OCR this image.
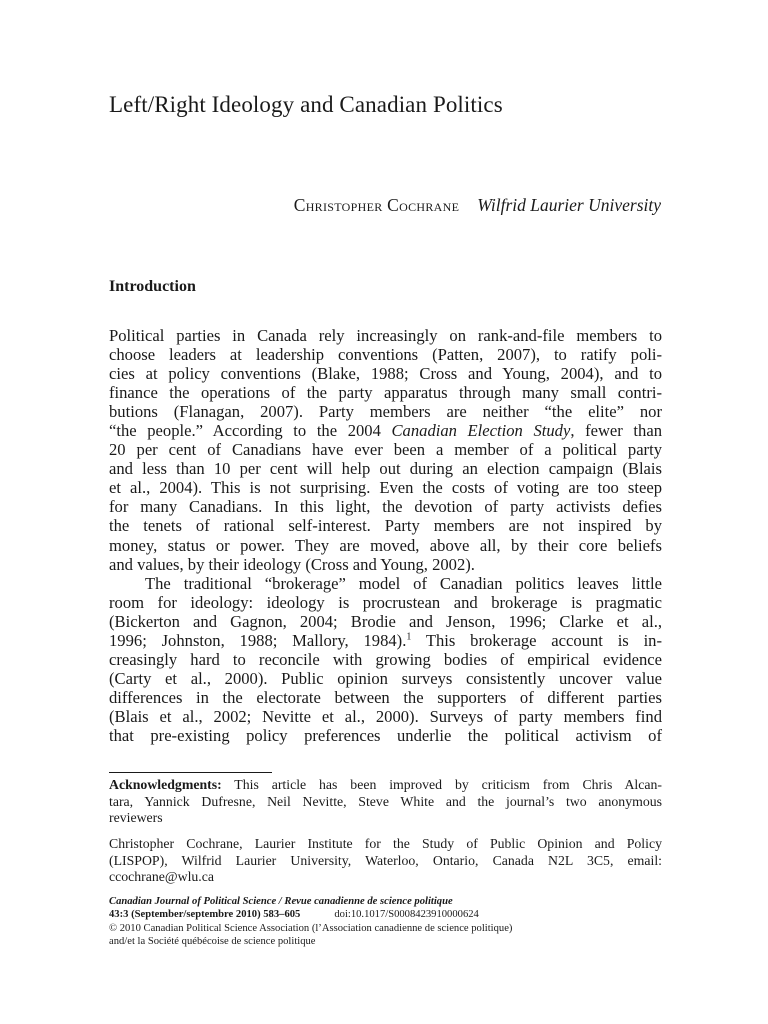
Left/Right Ideology and Canadian Politics
Christopher Cochrane Wilfrid Laurier University
Introduction
Political parties in Canada rely increasingly on rank-and-file members to
choose leaders at leadership conventions (Patten, 2007), to ratify poli-
cies at policy conventions (Blake, 1988; Cross and Young, 2004), and to
finance the operations of the party apparatus through many small contri-
butions (Flanagan, 2007). Party members are neither “the elite” nor
“the people.” According to the 2004 Canadian Election Study, fewer than
20 per cent of Canadians have ever been a member of a political party
and less than 10 per cent will help out during an election campaign (Blais
et al., 2004). This is not surprising. Even the costs of voting are too steep
for many Canadians. In this light, the devotion of party activists defies
the tenets of rational self-interest. Party members are not inspired by
money, status or power. They are moved, above all, by their core beliefs
and values, by their ideology (Cross and Young, 2002).
The traditional “brokerage” model of Canadian politics leaves little
room for ideology: ideology is procrustean and brokerage is pragmatic
(Bickerton and Gagnon, 2004; Brodie and Jenson, 1996; Clarke et al.,
1996; Johnston, 1988; Mallory, 1984).$^1$ This brokerage account is in-
creasingly hard to reconcile with growing bodies of empirical evidence
(Carty et al., 2000). Public opinion surveys consistently uncover value
differences in the electorate between the supporters of different parties
(Blais et al., 2002; Nevitte et al., 2000). Surveys of party members find
that pre-existing policy preferences underlie the political activism of
Acknowledgments: This article has been improved by criticism from Chris Alcan-
tara, Yannick Dufresne, Neil Nevitte, Steve White and the journal’s two anonymous
reviewers
Christopher Cochrane, Laurier Institute for the Study of Public Opinion and Policy
(LISPOP), Wilfrid Laurier University, Waterloo, Ontario, Canada N2L 3C5, email:
ccochrane@wlu.ca
Canadian Journal of Political Science / Revue canadienne de science politique
43:3 (September/septembre 2010) 583–605	doi:10.1017/S0008423910000624
© 2010 Canadian Political Science Association (l’Association canadienne de science politique)
and/et la Société québécoise de science politique
